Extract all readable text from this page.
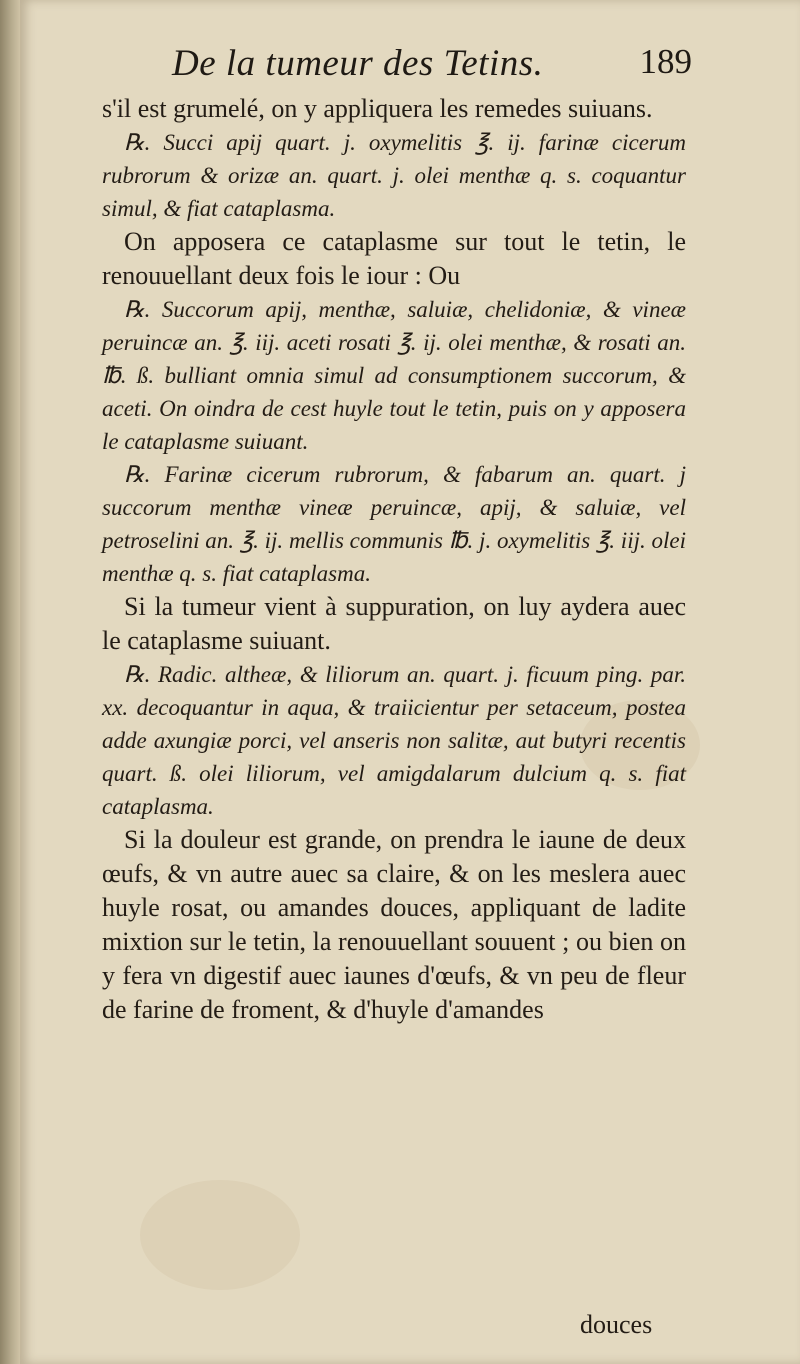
De la tumeur des Tetins.	189

s'il est grumelé, on y appliquera les remedes suiuans.

℞. Succi apij quart. j. oxymelitis ℥. ij. farinæ cicerum rubrorum & orizæ an. quart. j. olei menthæ q. s. coquantur simul, & fiat cataplasma.

On apposera ce cataplasme sur tout le tetin, le renouuellant deux fois le iour : Ou

℞. Succorum apij, menthæ, saluiæ, chelidoniæ, & vineæ peruincæ an. ℥. iij. aceti rosati ℥. ij. olei menthæ, & rosati an. ℔. ß. bulliant omnia simul ad consumptionem succorum, & aceti. On oindra de cest huyle tout le tetin, puis on y apposera le cataplasme suiuant.

℞. Farinæ cicerum rubrorum, & fabarum an. quart. j succorum menthæ vineæ peruincæ, apij, & saluiæ, vel petroselini an. ℥. ij. mellis communis ℔. j. oxymelitis ℥. iij. olei menthæ q. s. fiat cataplasma.

Si la tumeur vient à suppuration, on luy aydera auec le cataplasme suiuant.

℞. Radic. altheæ, & liliorum an. quart. j. ficuum ping. par. xx. decoquantur in aqua, & traiicientur per setaceum, postea adde axungiæ porci, vel anseris non salitæ, aut butyri recentis quart. ß. olei liliorum, vel amigdalarum dulcium q. s. fiat cataplasma.

Si la douleur est grande, on prendra le iaune de deux œufs, & vn autre auec sa claire, & on les meslera auec huyle rosat, ou amandes douces, appliquant de ladite mixtion sur le tetin, la renouuellant souuent ; ou bien on y fera vn digestif auec iaunes d'œufs, & vn peu de fleur de farine de froment, & d'huyle d'amandes

douces
